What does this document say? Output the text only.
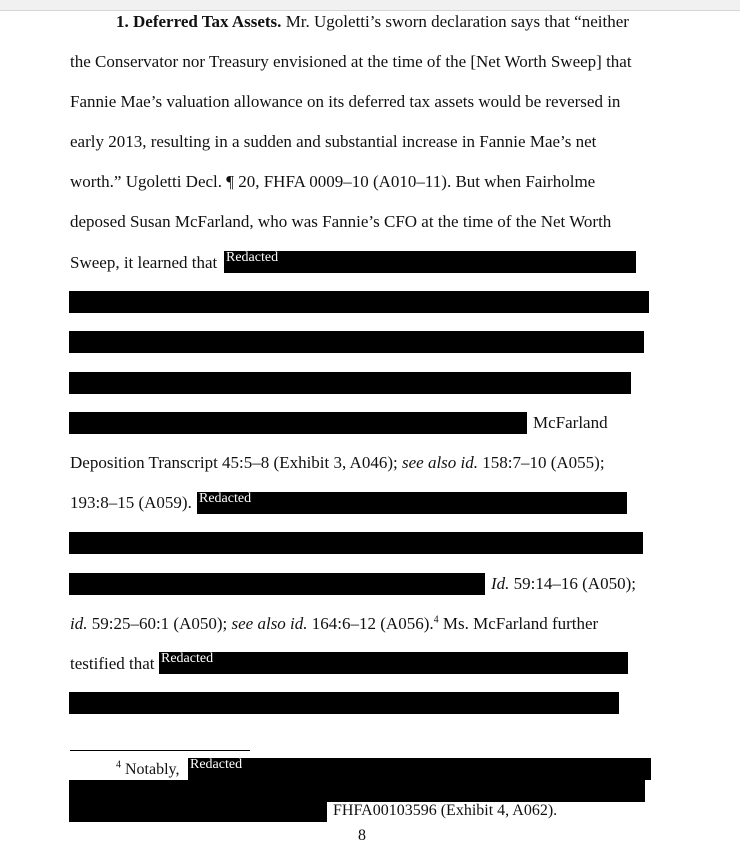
1. Deferred Tax Assets. Mr. Ugoletti’s sworn declaration says that “neither
the Conservator nor Treasury envisioned at the time of the [Net Worth Sweep] that
Fannie Mae’s valuation allowance on its deferred tax assets would be reversed in
early 2013, resulting in a sudden and substantial increase in Fannie Mae’s net
worth.” Ugoletti Decl. ¶ 20, FHFA 0009–10 (A010–11). But when Fairholme
deposed Susan McFarland, who was Fannie’s CFO at the time of the Net Worth
Sweep, it learned that Redacted
McFarland
Deposition Transcript 45:5–8 (Exhibit 3, A046); see also id. 158:7–10 (A055);
193:8–15 (A059). Redacted
Id. 59:14–16 (A050);
id. 59:25–60:1 (A050); see also id. 164:6–12 (A056).$^4$ Ms. McFarland further
testified that Redacted
$^4$ Notably, Redacted
FHFA00103596 (Exhibit 4, A062).
8
